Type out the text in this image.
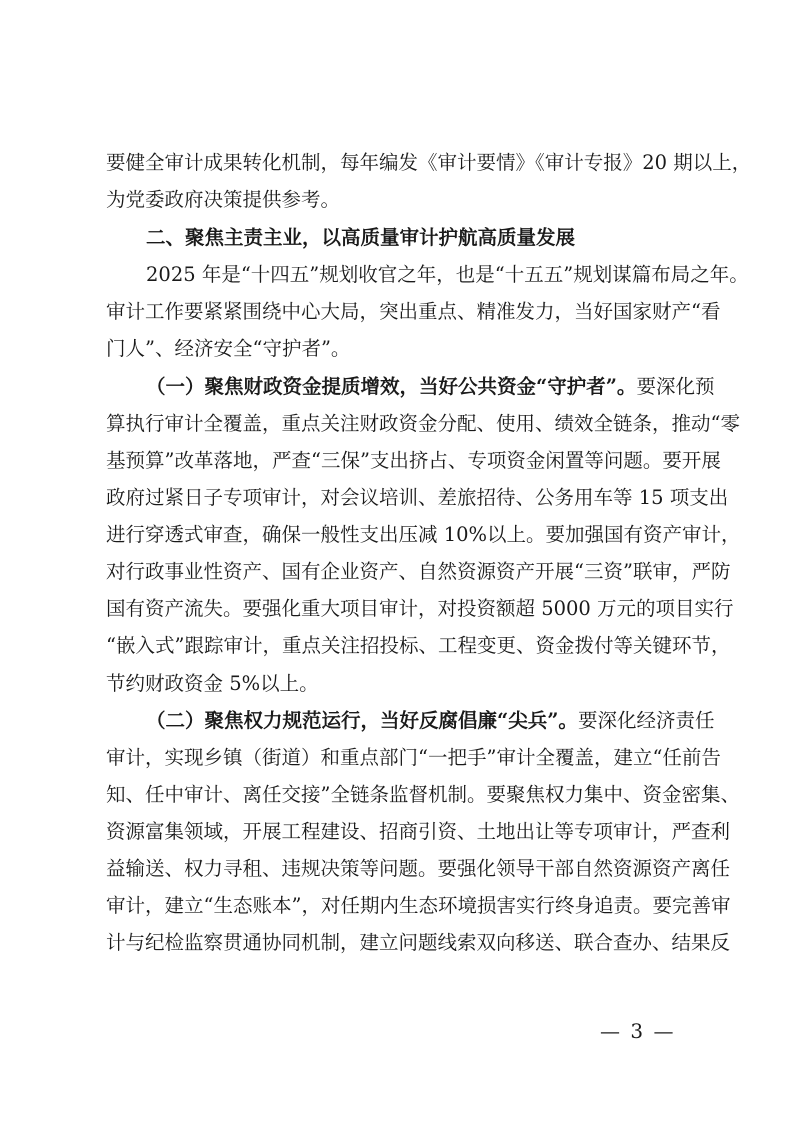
要健全审计成果转化机制，每年编发《审计要情》《审计专报》20 期以上，
为党委政府决策提供参考。
二、聚焦主责主业，以高质量审计护航高质量发展
2025 年是“十四五”规划收官之年，也是“十五五”规划谋篇布局之年。
审计工作要紧紧围绕中心大局，突出重点、精准发力，当好国家财产“看
门人”、经济安全“守护者”。
（一）聚焦财政资金提质增效，当好公共资金“守护者”。要深化预
算执行审计全覆盖，重点关注财政资金分配、使用、绩效全链条，推动“零
基预算”改革落地，严查“三保”支出挤占、专项资金闲置等问题。要开展
政府过紧日子专项审计，对会议培训、差旅招待、公务用车等 15 项支出
进行穿透式审查，确保一般性支出压减 10%以上。要加强国有资产审计，
对行政事业性资产、国有企业资产、自然资源资产开展“三资”联审，严防
国有资产流失。要强化重大项目审计，对投资额超 5000 万元的项目实行
“嵌入式”跟踪审计，重点关注招投标、工程变更、资金拨付等关键环节，
节约财政资金 5%以上。
（二）聚焦权力规范运行，当好反腐倡廉“尖兵”。要深化经济责任
审计，实现乡镇（街道）和重点部门“一把手”审计全覆盖，建立“任前告
知、任中审计、离任交接”全链条监督机制。要聚焦权力集中、资金密集、
资源富集领域，开展工程建设、招商引资、土地出让等专项审计，严查利
益输送、权力寻租、违规决策等问题。要强化领导干部自然资源资产离任
审计，建立“生态账本”，对任期内生态环境损害实行终身追责。要完善审
计与纪检监察贯通协同机制，建立问题线索双向移送、联合查办、结果反
— 3 —
